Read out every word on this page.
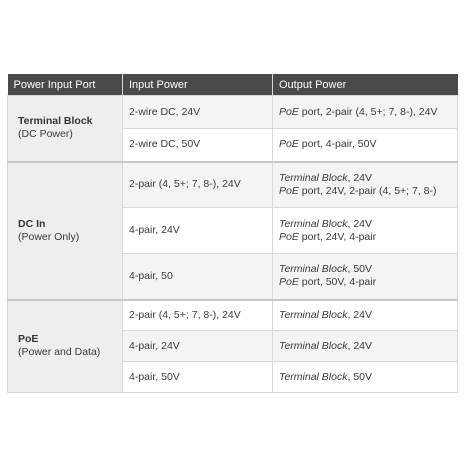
Power Input Port	Input Power	Output Power

Terminal Block
(DC Power)	2-wire DC, 24V	PoE port, 2-pair (4, 5+; 7, 8-), 24V

	2-wire DC, 50V	PoE port, 4-pair, 50V

DC In
(Power Only)	2-pair (4, 5+; 7, 8-), 24V	Terminal Block, 24V
PoE port, 24V, 2-pair (4, 5+; 7, 8-)

	4-pair, 24V	Terminal Block, 24V
PoE port, 24V, 4-pair

	4-pair, 50	Terminal Block, 50V
PoE port, 50V, 4-pair

PoE
(Power and Data)	2-pair (4, 5+; 7, 8-), 24V	Terminal Block, 24V

	4-pair, 24V	Terminal Block, 24V

	4-pair, 50V	Terminal Block, 50V
